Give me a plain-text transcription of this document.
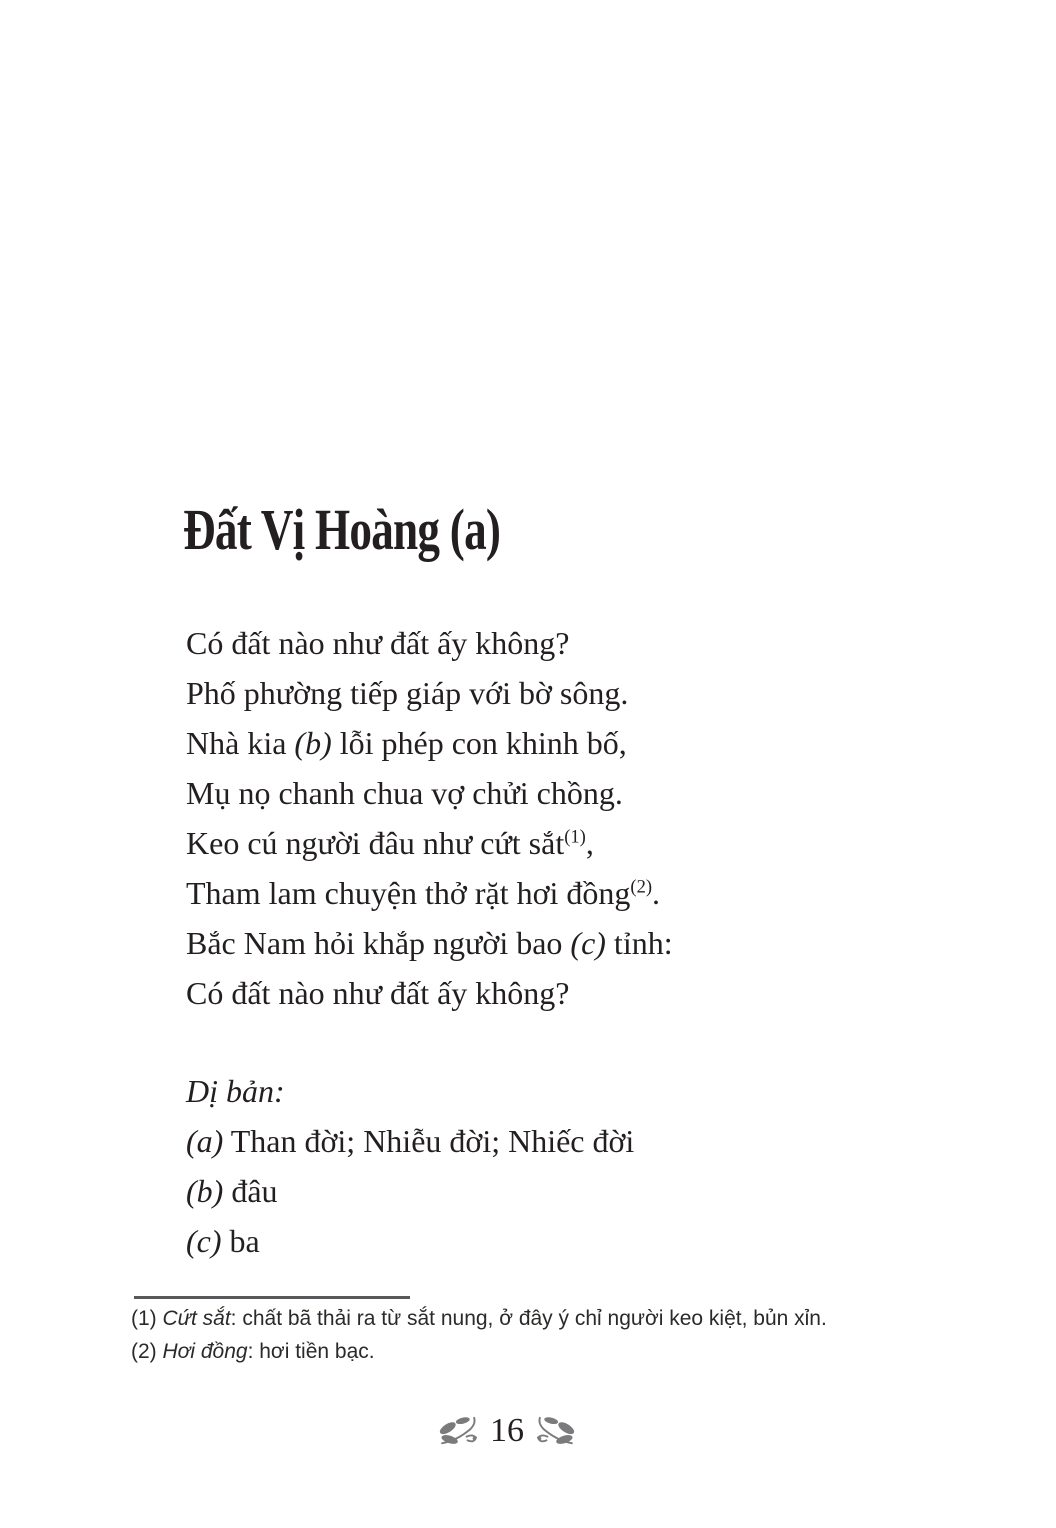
Đất Vị Hoàng (a)
Có đất nào như đất ấy không?
Phố phường tiếp giáp với bờ sông.
Nhà kia (b) lỗi phép con khinh bố,
Mụ nọ chanh chua vợ chửi chồng.
Keo cú người đâu như cứt sắt$^{(1)}$,
Tham lam chuyện thở rặt hơi đồng$^{(2)}$.
Bắc Nam hỏi khắp người bao (c) tỉnh:
Có đất nào như đất ấy không?
Dị bản:
(a) Than đời; Nhiễu đời; Nhiếc đời
(b) đâu
(c) ba
(1) Cứt sắt: chất bã thải ra từ sắt nung, ở đây ý chỉ người keo kiệt, bủn xỉn.
(2) Hơi đồng: hơi tiền bạc.
16
